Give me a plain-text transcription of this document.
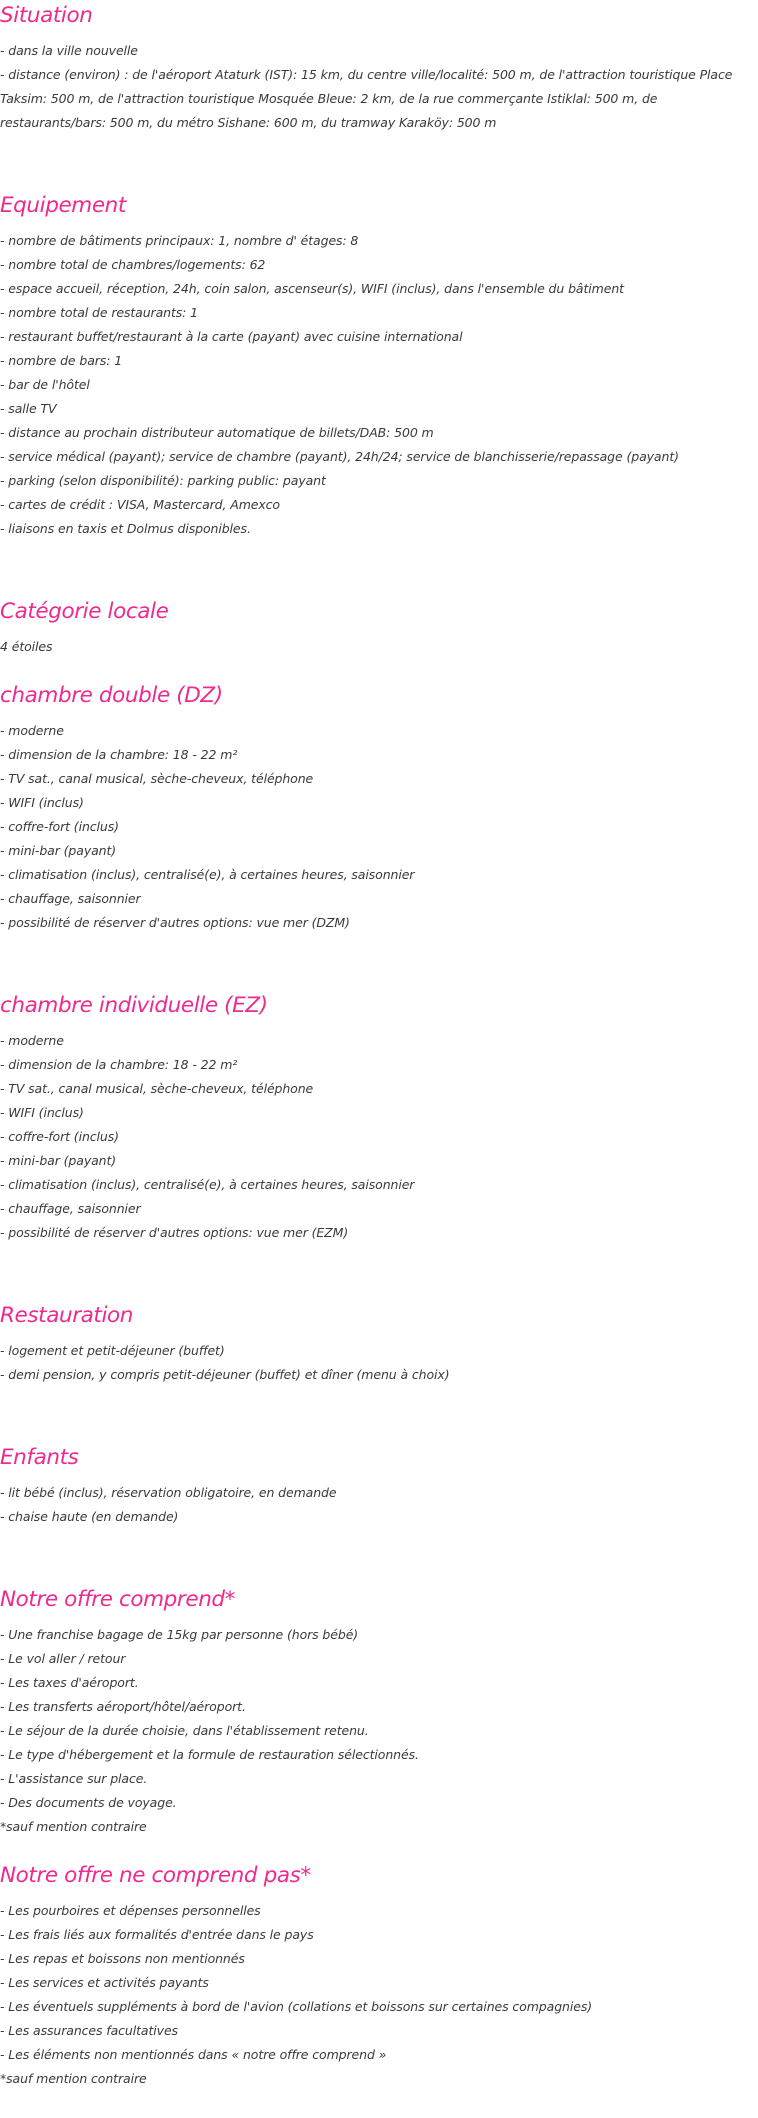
Situation
- dans la ville nouvelle
- distance (environ) : de l'aéroport Ataturk (IST): 15 km, du centre ville/localité: 500 m, de l'attraction touristique Place Taksim: 500 m, de l'attraction touristique Mosquée Bleue: 2 km, de la rue commerçante Istiklal: 500 m, de restaurants/bars: 500 m, du métro Sishane: 600 m, du tramway Karaköy: 500 m
Equipement
- nombre de bâtiments principaux: 1, nombre d' étages: 8
- nombre total de chambres/logements: 62
- espace accueil, réception, 24h, coin salon, ascenseur(s), WIFI (inclus), dans l'ensemble du bâtiment
- nombre total de restaurants: 1
- restaurant buffet/restaurant à la carte (payant) avec cuisine international
- nombre de bars: 1
- bar de l'hôtel
- salle TV
- distance au prochain distributeur automatique de billets/DAB: 500 m
- service médical (payant); service de chambre (payant), 24h/24; service de blanchisserie/repassage (payant)
- parking (selon disponibilité): parking public: payant
- cartes de crédit : VISA, Mastercard, Amexco
- liaisons en taxis et Dolmus disponibles.
Catégorie locale
4 étoiles
chambre double (DZ)
- moderne
- dimension de la chambre: 18 - 22 m²
- TV sat., canal musical, sèche-cheveux, téléphone
- WIFI (inclus)
- coffre-fort (inclus)
- mini-bar (payant)
- climatisation (inclus), centralisé(e), à certaines heures, saisonnier
- chauffage, saisonnier
- possibilité de réserver d'autres options: vue mer (DZM)
chambre individuelle (EZ)
- moderne
- dimension de la chambre: 18 - 22 m²
- TV sat., canal musical, sèche-cheveux, téléphone
- WIFI (inclus)
- coffre-fort (inclus)
- mini-bar (payant)
- climatisation (inclus), centralisé(e), à certaines heures, saisonnier
- chauffage, saisonnier
- possibilité de réserver d'autres options: vue mer (EZM)
Restauration
- logement et petit-déjeuner (buffet)
- demi pension, y compris petit-déjeuner (buffet) et dîner (menu à choix)
Enfants
- lit bébé (inclus), réservation obligatoire, en demande
- chaise haute (en demande)
Notre offre comprend*
- Une franchise bagage de 15kg par personne (hors bébé)
- Le vol aller / retour
- Les taxes d'aéroport.
- Les transferts aéroport/hôtel/aéroport.
- Le séjour de la durée choisie, dans l'établissement retenu.
- Le type d'hébergement et la formule de restauration sélectionnés.
- L'assistance sur place.
- Des documents de voyage.
*sauf mention contraire
Notre offre ne comprend pas*
- Les pourboires et dépenses personnelles
- Les frais liés aux formalités d'entrée dans le pays
- Les repas et boissons non mentionnés
- Les services et activités payants
- Les éventuels suppléments à bord de l'avion (collations et boissons sur certaines compagnies)
- Les assurances facultatives
- Les éléments non mentionnés dans « notre offre comprend »
*sauf mention contraire
